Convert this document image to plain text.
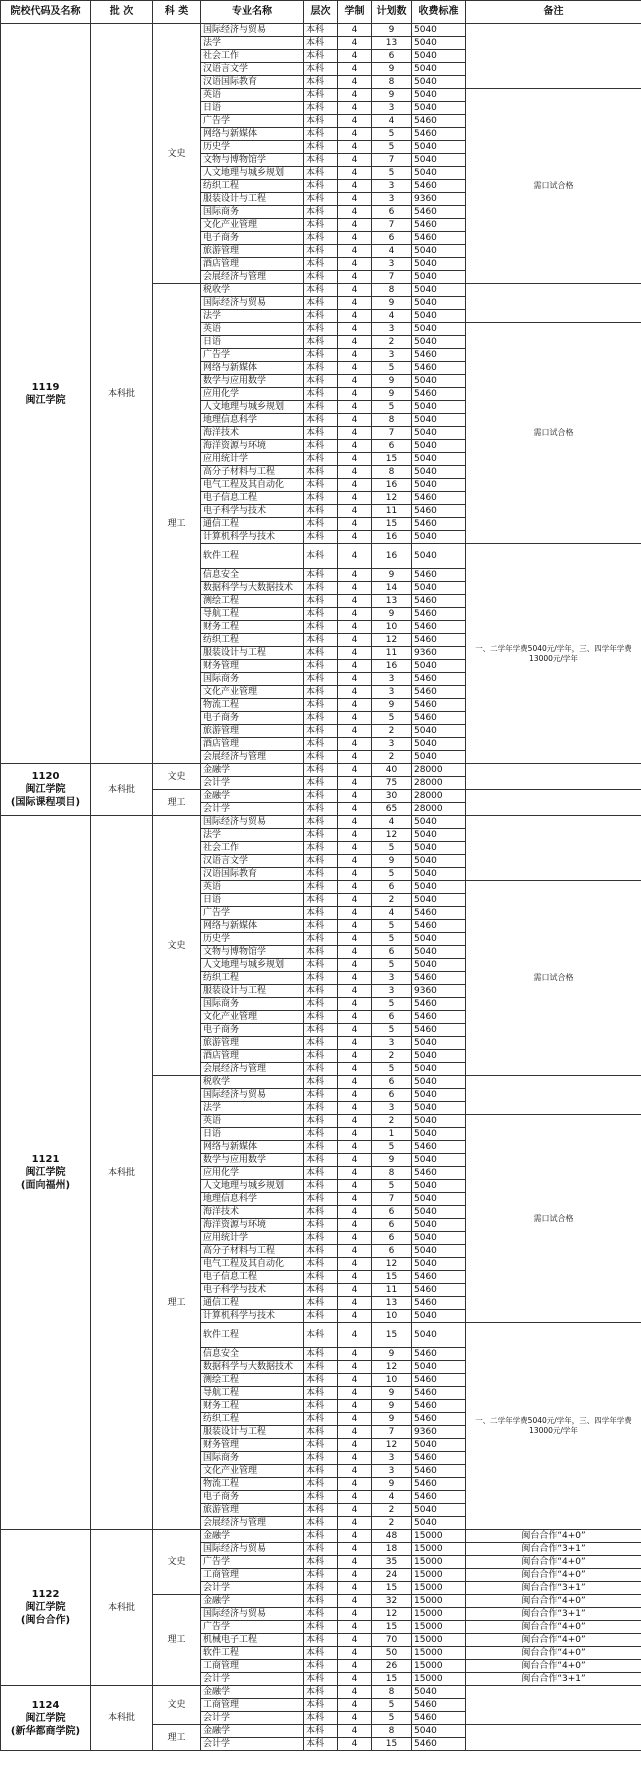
院校代码及名称	批 次	科 类	专业名称	层次	学制	计划数	收费标准	备注

1119
闽江学院	本科批	文史	国际经济与贸易	本科	4	9	5040	
			法学	本科	4	13	5040	
			社会工作	本科	4	6	5040	
			汉语言文学	本科	4	9	5040	
			汉语国际教育	本科	4	8	5040	
			英语	本科	4	9	5040	需口试合格
			日语	本科	4	3	5040	
			广告学	本科	4	4	5460	
			网络与新媒体	本科	4	5	5460	
			历史学	本科	4	5	5040	
			文物与博物馆学	本科	4	7	5040	
			人文地理与城乡规划	本科	4	5	5040	
			纺织工程	本科	4	3	5460	
			服装设计与工程	本科	4	3	9360	
			国际商务	本科	4	6	5460	
			文化产业管理	本科	4	7	5460	
			电子商务	本科	4	6	5460	
			旅游管理	本科	4	4	5040	
			酒店管理	本科	4	3	5040	
			会展经济与管理	本科	4	7	5040	
		理工	税收学	本科	4	8	5040	
			国际经济与贸易	本科	4	9	5040	
			法学	本科	4	4	5040	
			英语	本科	4	3	5040	需口试合格
			日语	本科	4	2	5040	
			广告学	本科	4	3	5460	
			网络与新媒体	本科	4	5	5460	
			数学与应用数学	本科	4	9	5040	
			应用化学	本科	4	9	5460	
			人文地理与城乡规划	本科	4	5	5040	
			地理信息科学	本科	4	8	5040	
			海洋技术	本科	4	7	5040	
			海洋资源与环境	本科	4	6	5040	
			应用统计学	本科	4	15	5040	
			高分子材料与工程	本科	4	8	5040	
			电气工程及其自动化	本科	4	16	5040	
			电子信息工程	本科	4	12	5460	
			电子科学与技术	本科	4	11	5460	
			通信工程	本科	4	15	5460	
			计算机科学与技术	本科	4	16	5040	
			软件工程	本科	4	16	5040	一、二学年学费5040元/学年，三、四学年学费13000元/学年
			信息安全	本科	4	9	5460	
			数据科学与大数据技术	本科	4	14	5040	
			测绘工程	本科	4	13	5460	
			导航工程	本科	4	9	5460	
			财务工程	本科	4	10	5460	
			纺织工程	本科	4	12	5460	
			服装设计与工程	本科	4	11	9360	
			财务管理	本科	4	16	5040	
			国际商务	本科	4	3	5460	
			文化产业管理	本科	4	3	5460	
			物流工程	本科	4	9	5460	
			电子商务	本科	4	5	5460	
			旅游管理	本科	4	2	5040	
			酒店管理	本科	4	3	5040	
			会展经济与管理	本科	4	2	5040	

1120
闽江学院
(国际课程项目)	本科批	文史	金融学	本科	4	40	28000	
			会计学	本科	4	75	28000	
		理工	金融学	本科	4	30	28000	
			会计学	本科	4	65	28000	

1121
闽江学院
(面向福州)	本科批	文史	国际经济与贸易	本科	4	4	5040	
			法学	本科	4	12	5040	
			社会工作	本科	4	5	5040	
			汉语言文学	本科	4	9	5040	
			汉语国际教育	本科	4	5	5040	
			英语	本科	4	6	5040	需口试合格
			日语	本科	4	2	5040	
			广告学	本科	4	4	5460	
			网络与新媒体	本科	4	5	5460	
			历史学	本科	4	5	5040	
			文物与博物馆学	本科	4	6	5040	
			人文地理与城乡规划	本科	4	5	5040	
			纺织工程	本科	4	3	5460	
			服装设计与工程	本科	4	3	9360	
			国际商务	本科	4	5	5460	
			文化产业管理	本科	4	6	5460	
			电子商务	本科	4	5	5460	
			旅游管理	本科	4	3	5040	
			酒店管理	本科	4	2	5040	
			会展经济与管理	本科	4	5	5040	
		理工	税收学	本科	4	6	5040	
			国际经济与贸易	本科	4	6	5040	
			法学	本科	4	3	5040	
			英语	本科	4	2	5040	需口试合格
			日语	本科	4	1	5040	
			网络与新媒体	本科	4	5	5460	
			数学与应用数学	本科	4	9	5040	
			应用化学	本科	4	8	5460	
			人文地理与城乡规划	本科	4	5	5040	
			地理信息科学	本科	4	7	5040	
			海洋技术	本科	4	6	5040	
			海洋资源与环境	本科	4	6	5040	
			应用统计学	本科	4	6	5040	
			高分子材料与工程	本科	4	6	5040	
			电气工程及其自动化	本科	4	12	5040	
			电子信息工程	本科	4	15	5460	
			电子科学与技术	本科	4	11	5460	
			通信工程	本科	4	13	5460	
			计算机科学与技术	本科	4	10	5040	
			软件工程	本科	4	15	5040	一、二学年学费5040元/学年，三、四学年学费13000元/学年
			信息安全	本科	4	9	5460	
			数据科学与大数据技术	本科	4	12	5040	
			测绘工程	本科	4	10	5460	
			导航工程	本科	4	9	5460	
			财务工程	本科	4	9	5460	
			纺织工程	本科	4	9	5460	
			服装设计与工程	本科	4	7	9360	
			财务管理	本科	4	12	5040	
			国际商务	本科	4	3	5460	
			文化产业管理	本科	4	3	5460	
			物流工程	本科	4	9	5460	
			电子商务	本科	4	4	5460	
			旅游管理	本科	4	2	5040	
			会展经济与管理	本科	4	2	5040	

1122
闽江学院
(闽台合作)	本科批	文史	金融学	本科	4	48	15000	闽台合作“4+0”
			国际经济与贸易	本科	4	18	15000	闽台合作“3+1”
			广告学	本科	4	35	15000	闽台合作“4+0”
			工商管理	本科	4	24	15000	闽台合作“4+0”
			会计学	本科	4	15	15000	闽台合作“3+1”
		理工	金融学	本科	4	32	15000	闽台合作“4+0”
			国际经济与贸易	本科	4	12	15000	闽台合作“3+1”
			广告学	本科	4	15	15000	闽台合作“4+0”
			机械电子工程	本科	4	70	15000	闽台合作“4+0”
			软件工程	本科	4	50	15000	闽台合作“4+0”
			工商管理	本科	4	26	15000	闽台合作“4+0”
			会计学	本科	4	15	15000	闽台合作“3+1”

1124
闽江学院
(新华都商学院)	本科批	文史	金融学	本科	4	8	5040	
			工商管理	本科	4	5	5460	
			会计学	本科	4	5	5460	
		理工	金融学	本科	4	8	5040	
			会计学	本科	4	15	5460	
